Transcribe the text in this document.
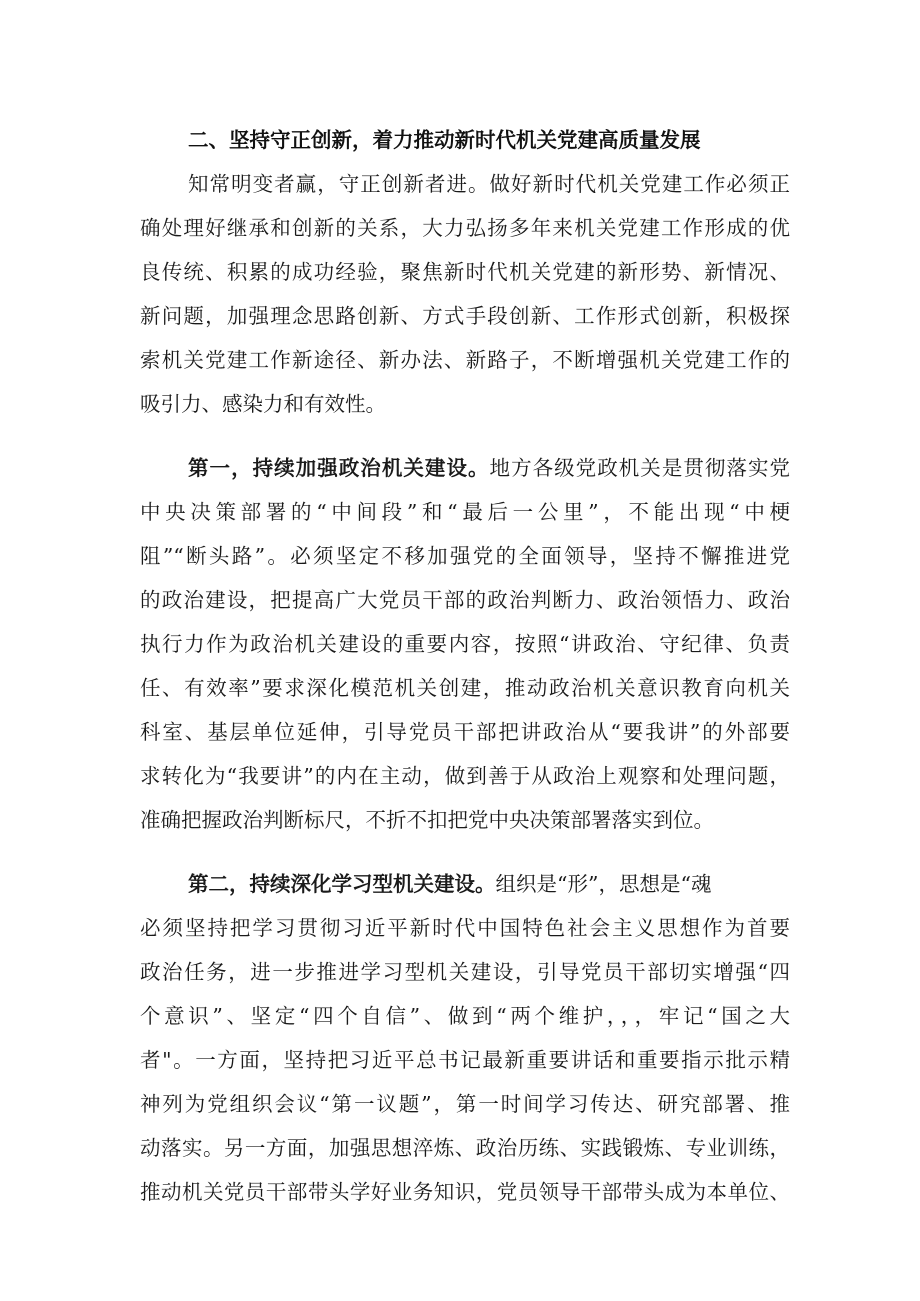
二、坚持守正创新，着力推动新时代机关党建高质量发展
知常明变者赢，守正创新者进。做好新时代机关党建工作必须正
确处理好继承和创新的关系，大力弘扬多年来机关党建工作形成的优
良传统、积累的成功经验，聚焦新时代机关党建的新形势、新情况、
新问题，加强理念思路创新、方式手段创新、工作形式创新，积极探
索机关党建工作新途径、新办法、新路子，不断增强机关党建工作的
吸引力、感染力和有效性。
第一，持续加强政治机关建设。地方各级党政机关是贯彻落实党
中央决策部署的“中间段”和“最后一公里”，不能出现“中梗
阻”“断头路”。必须坚定不移加强党的全面领导，坚持不懈推进党
的政治建设，把提高广大党员干部的政治判断力、政治领悟力、政治
执行力作为政治机关建设的重要内容，按照“讲政治、守纪律、负责
任、有效率”要求深化模范机关创建，推动政治机关意识教育向机关
科室、基层单位延伸，引导党员干部把讲政治从“要我讲”的外部要
求转化为“我要讲”的内在主动，做到善于从政治上观察和处理问题，
准确把握政治判断标尺，不折不扣把党中央决策部署落实到位。
第二，持续深化学习型机关建设。组织是“形”，思想是“魂
必须坚持把学习贯彻习近平新时代中国特色社会主义思想作为首要
政治任务，进一步推进学习型机关建设，引导党员干部切实增强“四
个意识”、坚定“四个自信”、做到“两个维护，，，牢记“国之大
者"。一方面，坚持把习近平总书记最新重要讲话和重要指示批示精
神列为党组织会议“第一议题”，第一时间学习传达、研究部署、推
动落实。另一方面，加强思想淬炼、政治历练、实践锻炼、专业训练，
推动机关党员干部带头学好业务知识，党员领导干部带头成为本单位、
